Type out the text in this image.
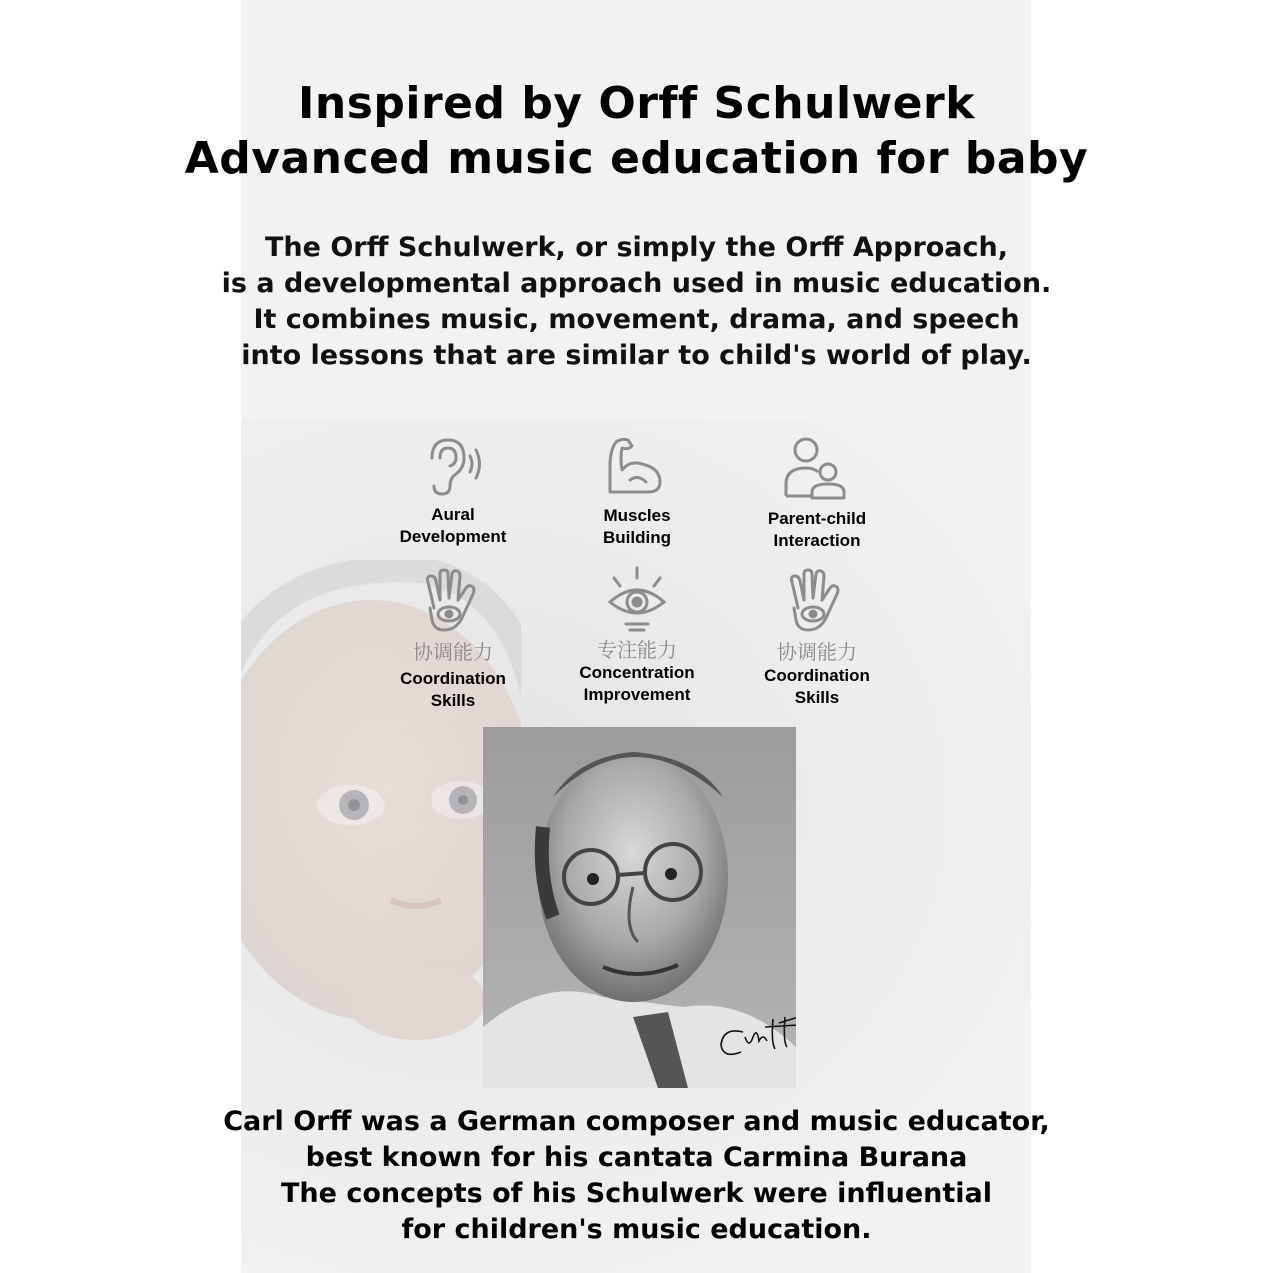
Inspired by Orff Schulwerk
Advanced music education for baby
The Orff Schulwerk, or simply the Orff Approach,
is a developmental approach used in music education.
It combines music, movement, drama, and speech
into lessons that are similar to child's world of play.
Aural
Development
Muscles
Building
Parent-child
Interaction
协调能力
Coordination
Skills
专注能力
Concentration
Improvement
协调能力
Coordination
Skills
Carl Orff was a German composer and music educator,
best known for his cantata Carmina Burana
The concepts of his Schulwerk were influential
for children's music education.
